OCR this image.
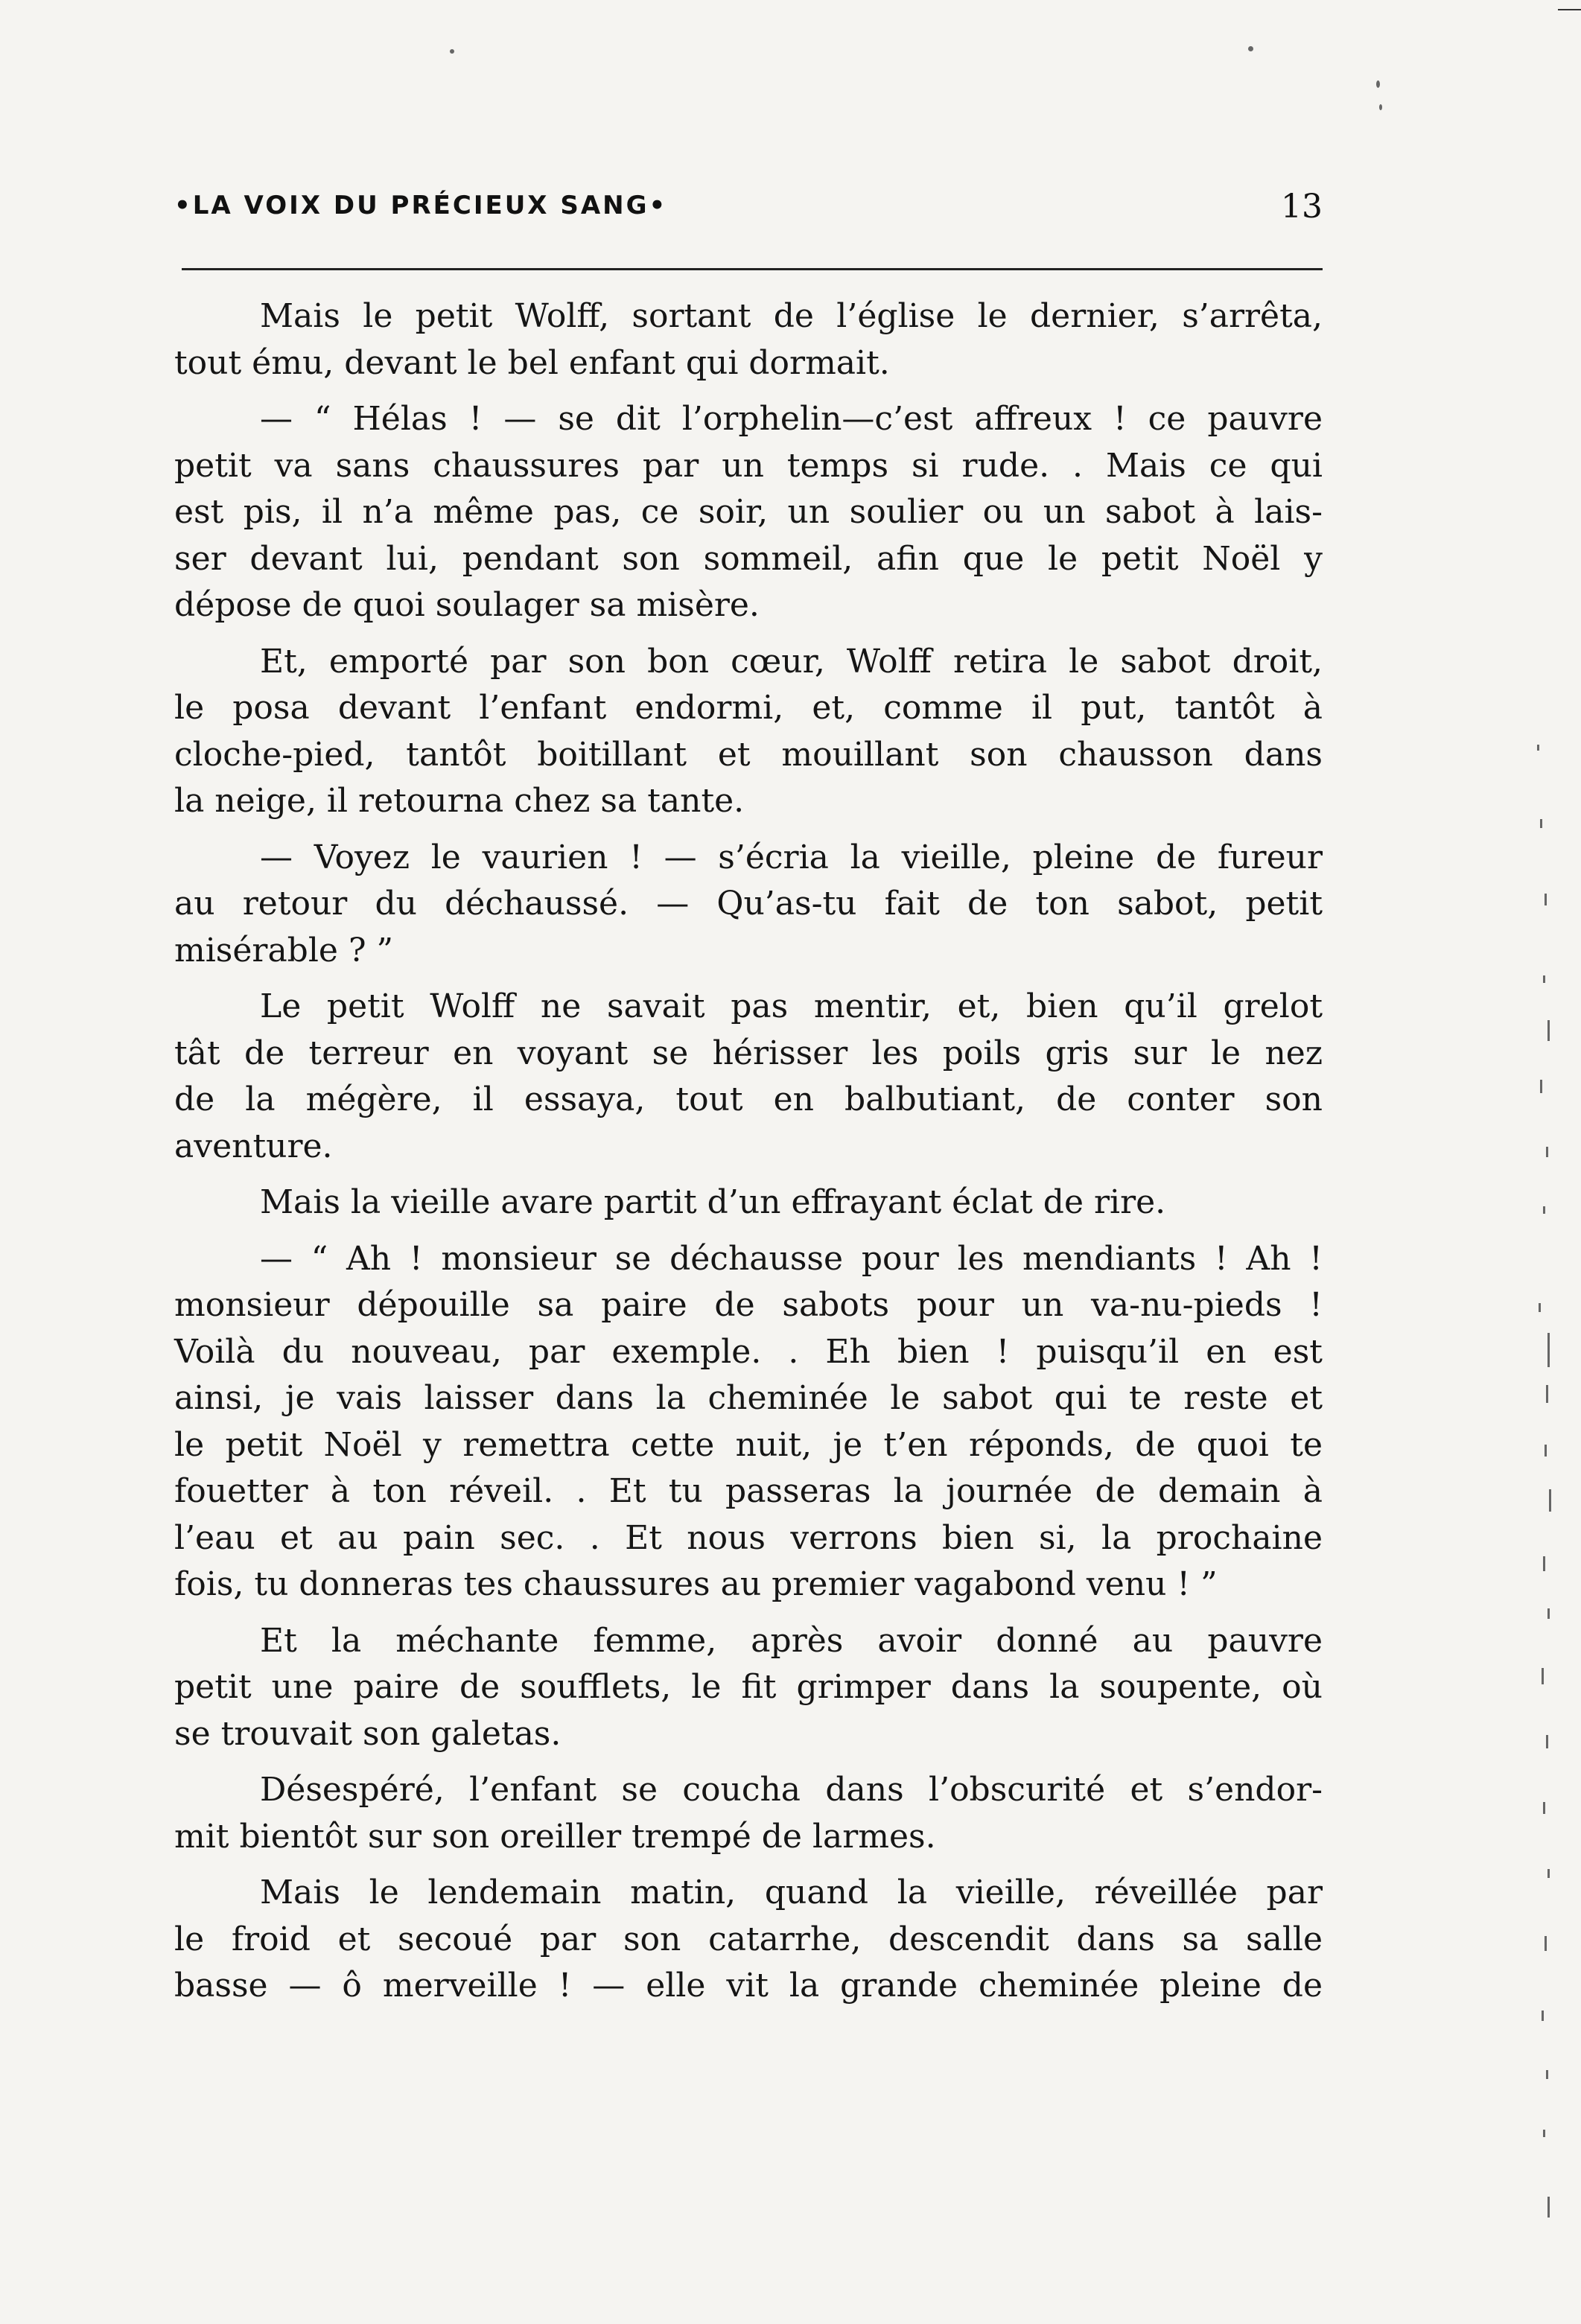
•LA VOIX DU PRÉCIEUX SANG•	13
Mais le petit Wolff, sortant de l’église le dernier, s’arrêta,
tout ému, devant le bel enfant qui dormait.
— “ Hélas ! — se dit l’orphelin—c’est affreux ! ce pauvre
petit va sans chaussures par un temps si rude. . Mais ce qui
est pis, il n’a même pas, ce soir, un soulier ou un sabot à lais-
ser devant lui, pendant son sommeil, afin que le petit Noël y
dépose de quoi soulager sa misère.
Et, emporté par son bon cœur, Wolff retira le sabot droit,
le posa devant l’enfant endormi, et, comme il put, tantôt à
cloche-pied, tantôt boitillant et mouillant son chausson dans
la neige, il retourna chez sa tante.
— Voyez le vaurien ! — s’écria la vieille, pleine de fureur
au retour du déchaussé. — Qu’as-tu fait de ton sabot, petit
misérable ? ”
Le petit Wolff ne savait pas mentir, et, bien qu’il grelot
tât de terreur en voyant se hérisser les poils gris sur le nez
de la mégère, il essaya, tout en balbutiant, de conter son
aventure.
Mais la vieille avare partit d’un effrayant éclat de rire.
— “ Ah ! monsieur se déchausse pour les mendiants ! Ah !
monsieur dépouille sa paire de sabots pour un va-nu-pieds !
Voilà du nouveau, par exemple. . Eh bien ! puisqu’il en est
ainsi, je vais laisser dans la cheminée le sabot qui te reste et
le petit Noël y remettra cette nuit, je t’en réponds, de quoi te
fouetter à ton réveil. . Et tu passeras la journée de demain à
l’eau et au pain sec. . Et nous verrons bien si, la prochaine
fois, tu donneras tes chaussures au premier vagabond venu ! ”
Et la méchante femme, après avoir donné au pauvre
petit une paire de soufflets, le fit grimper dans la soupente, où
se trouvait son galetas.
Désespéré, l’enfant se coucha dans l’obscurité et s’endor-
mit bientôt sur son oreiller trempé de larmes.
Mais le lendemain matin, quand la vieille, réveillée par
le froid et secoué par son catarrhe, descendit dans sa salle
basse — ô merveille ! — elle vit la grande cheminée pleine de
